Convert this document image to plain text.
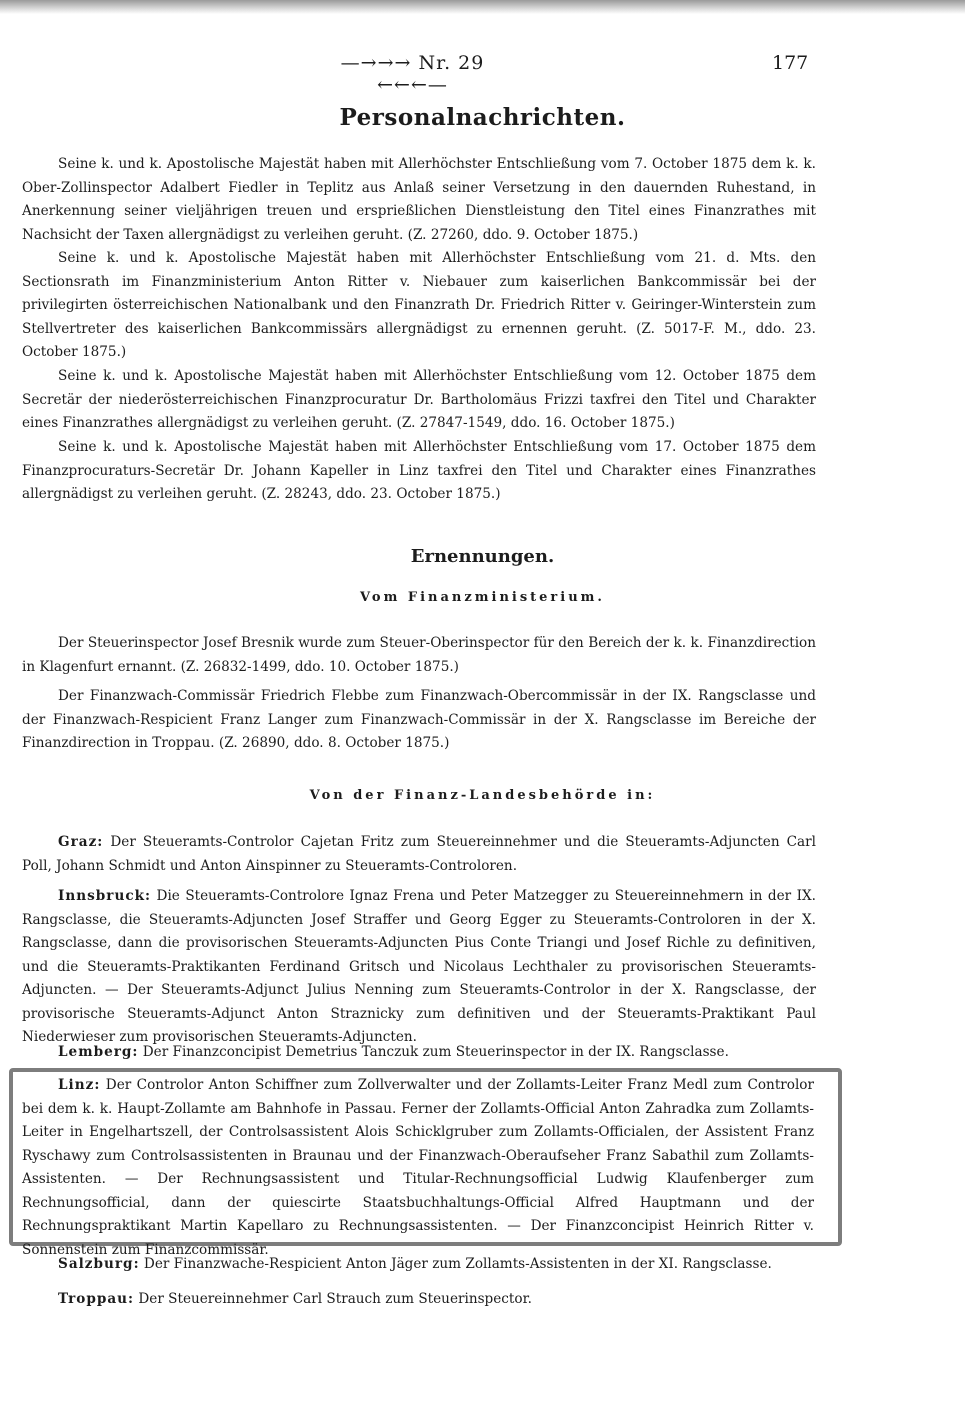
—→→→ Nr. 29 ←←←—
177
Personalnachrichten.

Seine k. und k. Apostolische Majestät haben mit Allerhöchster Entschließung vom 7. October 1875 dem k. k. Ober-Zollinspector Adalbert Fiedler in Teplitz aus Anlaß seiner Versetzung in den dauernden Ruhestand, in Anerkennung seiner vieljährigen treuen und ersprießlichen Dienstleistung den Titel eines Finanzrathes mit Nachsicht der Taxen allergnädigst zu verleihen geruht. (Z. 27260, ddo. 9. October 1875.)

Seine k. und k. Apostolische Majestät haben mit Allerhöchster Entschließung vom 21. d. Mts. den Sectionsrath im Finanzministerium Anton Ritter v. Niebauer zum kaiserlichen Bankcommissär bei der privilegirten österreichischen Nationalbank und den Finanzrath Dr. Friedrich Ritter v. Geiringer-Winterstein zum Stellvertreter des kaiserlichen Bankcommissärs allergnädigst zu ernennen geruht. (Z. 5017-F. M., ddo. 23. October 1875.)

Seine k. und k. Apostolische Majestät haben mit Allerhöchster Entschließung vom 12. October 1875 dem Secretär der niederösterreichischen Finanzprocuratur Dr. Bartholomäus Frizzi taxfrei den Titel und Charakter eines Finanzrathes allergnädigst zu verleihen geruht. (Z. 27847-1549, ddo. 16. October 1875.)

Seine k. und k. Apostolische Majestät haben mit Allerhöchster Entschließung vom 17. October 1875 dem Finanzprocuraturs-Secretär Dr. Johann Kapeller in Linz taxfrei den Titel und Charakter eines Finanzrathes allergnädigst zu verleihen geruht. (Z. 28243, ddo. 23. October 1875.)

Ernennungen.
Vom Finanzministerium.

Der Steuerinspector Josef Bresnik wurde zum Steuer-Oberinspector für den Bereich der k. k. Finanzdirection in Klagenfurt ernannt. (Z. 26832-1499, ddo. 10. October 1875.)

Der Finanzwach-Commissär Friedrich Flebbe zum Finanzwach-Obercommissär in der IX. Rangsclasse und der Finanzwach-Respicient Franz Langer zum Finanzwach-Commissär in der X. Rangsclasse im Bereiche der Finanzdirection in Troppau. (Z. 26890, ddo. 8. October 1875.)

Von der Finanz-Landesbehörde in:

Graz: Der Steueramts-Controlor Cajetan Fritz zum Steuereinnehmer und die Steueramts-Adjuncten Carl Poll, Johann Schmidt und Anton Ainspinner zu Steueramts-Controloren.

Innsbruck: Die Steueramts-Controlore Ignaz Frena und Peter Matzegger zu Steuereinnehmern in der IX. Rangsclasse, die Steueramts-Adjuncten Josef Straffer und Georg Egger zu Steueramts-Controloren in der X. Rangsclasse, dann die provisorischen Steueramts-Adjuncten Pius Conte Triangi und Josef Richle zu definitiven, und die Steueramts-Praktikanten Ferdinand Gritsch und Nicolaus Lechthaler zu provisorischen Steueramts-Adjuncten. — Der Steueramts-Adjunct Julius Nenning zum Steueramts-Controlor in der X. Rangsclasse, der provisorische Steueramts-Adjunct Anton Straznicky zum definitiven und der Steueramts-Praktikant Paul Niederwieser zum provisorischen Steueramts-Adjuncten.

Lemberg: Der Finanzconcipist Demetrius Tanczuk zum Steuerinspector in der IX. Rangsclasse.

Linz: Der Controlor Anton Schiffner zum Zollverwalter und der Zollamts-Leiter Franz Medl zum Controlor bei dem k. k. Haupt-Zollamte am Bahnhofe in Passau. Ferner der Zollamts-Official Anton Zahradka zum Zollamts-Leiter in Engelhartszell, der Controlsassistent Alois Schicklgruber zum Zollamts-Officialen, der Assistent Franz Ryschawy zum Controlsassistenten in Braunau und der Finanzwach-Oberaufseher Franz Sabathil zum Zollamts-Assistenten. — Der Rechnungsassistent und Titular-Rechnungsofficial Ludwig Klaufenberger zum Rechnungsofficial, dann der quiescirte Staatsbuchhaltungs-Official Alfred Hauptmann und der Rechnungspraktikant Martin Kapellaro zu Rechnungsassistenten. — Der Finanzconcipist Heinrich Ritter v. Sonnenstein zum Finanzcommissär.

Salzburg: Der Finanzwache-Respicient Anton Jäger zum Zollamts-Assistenten in der XI. Rangsclasse.

Troppau: Der Steuereinnehmer Carl Strauch zum Steuerinspector.
